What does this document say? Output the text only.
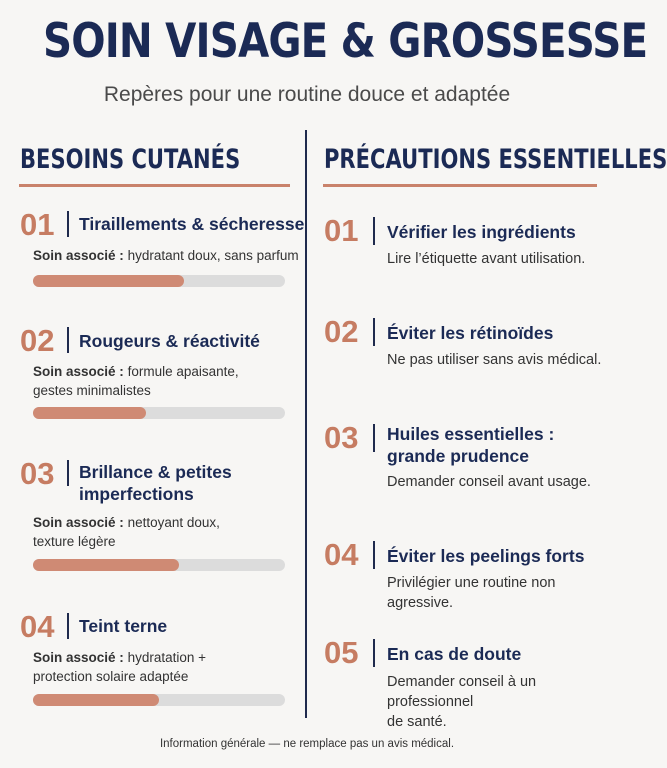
SOIN VISAGE & GROSSESSE
Repères pour une routine douce et adaptée
BESOINS CUTANÉS
01 Tiraillements & sécheresse
Soin associé : hydratant doux, sans parfum
02 Rougeurs & réactivité
Soin associé : formule apaisante,
gestes minimalistes
03 Brillance & petites
imperfections
Soin associé : nettoyant doux,
texture légère
04 Teint terne
Soin associé : hydratation +
protection solaire adaptée
PRÉCAUTIONS ESSENTIELLES
01 Vérifier les ingrédients
Lire l’étiquette avant utilisation.
02 Éviter les rétinoïdes
Ne pas utiliser sans avis médical.
03 Huiles essentielles :
grande prudence
Demander conseil avant usage.
04 Éviter les peelings forts
Privilégier une routine non agressive.
05 En cas de doute
Demander conseil à un professionnel
de santé.
Information générale — ne remplace pas un avis médical.
